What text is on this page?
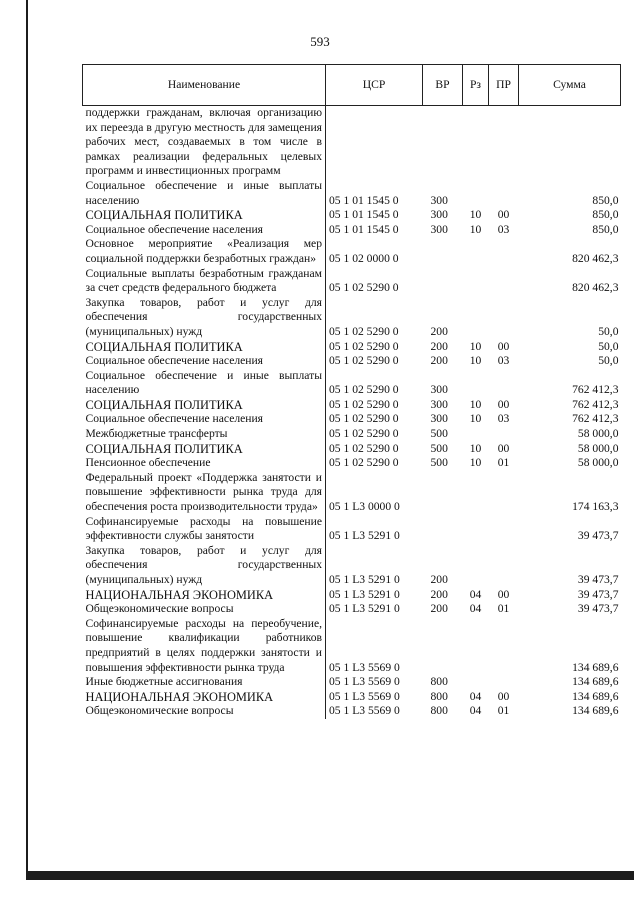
593
Наименование	ЦСР	ВР	Рз	ПР	Сумма
поддержки гражданам, включая организацию их переезда в другую местность для замещения рабочих мест, создаваемых в том числе в рамках реализации федеральных целевых программ и инвестиционных программ					
Социальное обеспечение и иные выплаты населению	05 1 01 1545 0	300			850,0
СОЦИАЛЬНАЯ ПОЛИТИКА	05 1 01 1545 0	300	10	00	850,0
Социальное обеспечение населения	05 1 01 1545 0	300	10	03	850,0
Основное мероприятие «Реализация мер социальной поддержки безработных граждан»	05 1 02 0000 0				820 462,3
Социальные выплаты безработным гражданам за счет средств федерального бюджета	05 1 02 5290 0				820 462,3
Закупка товаров, работ и услуг для обеспечения государственных (муниципальных) нужд	05 1 02 5290 0	200			50,0
СОЦИАЛЬНАЯ ПОЛИТИКА	05 1 02 5290 0	200	10	00	50,0
Социальное обеспечение населения	05 1 02 5290 0	200	10	03	50,0
Социальное обеспечение и иные выплаты населению	05 1 02 5290 0	300			762 412,3
СОЦИАЛЬНАЯ ПОЛИТИКА	05 1 02 5290 0	300	10	00	762 412,3
Социальное обеспечение населения	05 1 02 5290 0	300	10	03	762 412,3
Межбюджетные трансферты	05 1 02 5290 0	500			58 000,0
СОЦИАЛЬНАЯ ПОЛИТИКА	05 1 02 5290 0	500	10	00	58 000,0
Пенсионное обеспечение	05 1 02 5290 0	500	10	01	58 000,0
Федеральный проект «Поддержка занятости и повышение эффективности рынка труда для обеспечения роста производительности труда»	05 1 L3 0000 0				174 163,3
Софинансируемые расходы на повышение эффективности службы занятости	05 1 L3 5291 0				39 473,7
Закупка товаров, работ и услуг для обеспечения государственных (муниципальных) нужд	05 1 L3 5291 0	200			39 473,7
НАЦИОНАЛЬНАЯ ЭКОНОМИКА	05 1 L3 5291 0	200	04	00	39 473,7
Общеэкономические вопросы	05 1 L3 5291 0	200	04	01	39 473,7
Софинансируемые расходы на переобучение, повышение квалификации работников предприятий в целях поддержки занятости и повышения эффективности рынка труда	05 1 L3 5569 0				134 689,6
Иные бюджетные ассигнования	05 1 L3 5569 0	800			134 689,6
НАЦИОНАЛЬНАЯ ЭКОНОМИКА	05 1 L3 5569 0	800	04	00	134 689,6
Общеэкономические вопросы	05 1 L3 5569 0	800	04	01	134 689,6
